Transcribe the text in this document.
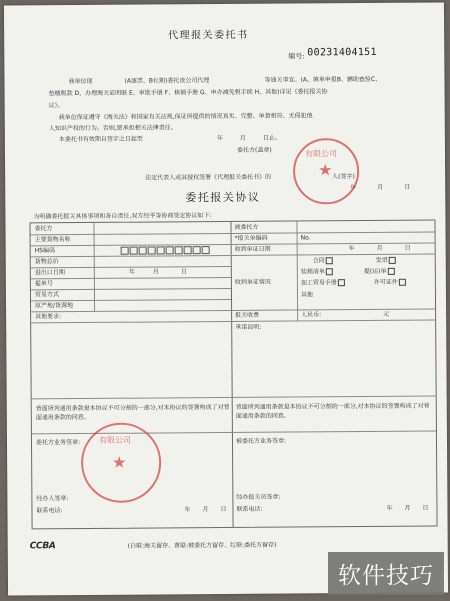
代理报关委托书
编号: 00231404151
我单位现	(A逐票、B长期)委托贵公司代理	等通关事宜。(A、填单申报B、辅助查验C、
垫缴税款 D、办理海关证明联 E、审批手册 F、核销手册 G、申办减免税手续 H、其他)详见《委托报关协
议》。
我单位保证遵守《海关法》和国家有关法规,保证所提供的情况真实、完整、单货相符、无侵犯他
人知识产权的行为。否则,愿承担相关法律责任。
本委托书有效期自签字之日起至	年	月	日止。
委托方(盖章)
法定代表人或其授权签署《代理报关委托书》的	人(签字)
年	月	日
委托报关协议
为明确委托报关具体事项和各自责任,双方经平等协商签定协议如下:
委托方
主要货物名称
HS编码
货物总价
进出口日期	年	月	日
提单号
贸易方式
原产地/货源地
其他要求:
背面所列通用条款是本协议不可分割的一部分,对本协议的签署构成了对背面通用条款的同意。
委托方业务签章:
经办人签章:
联系电话:	年 月 日
被委托方
*报关单编码	No.
收到单证日期	年	月	日
收到单证情况
合同	发票
装箱清单	提(运)单
加工贸易手册	许可证件
其他
报关收费	人民币:	元
承诺说明:
背面所列通用条款是本协议不可分割的一部分,对本协议的签署构成了对背面通用条款的同意。
被委托方业务签章:
经办报关员签章:
联系电话:	年 月 日
有限公司
★
有限公司
★
CCBA	(白联:海关留存、黄联:被委托方留存、红联:委托方留存)
软件技巧
